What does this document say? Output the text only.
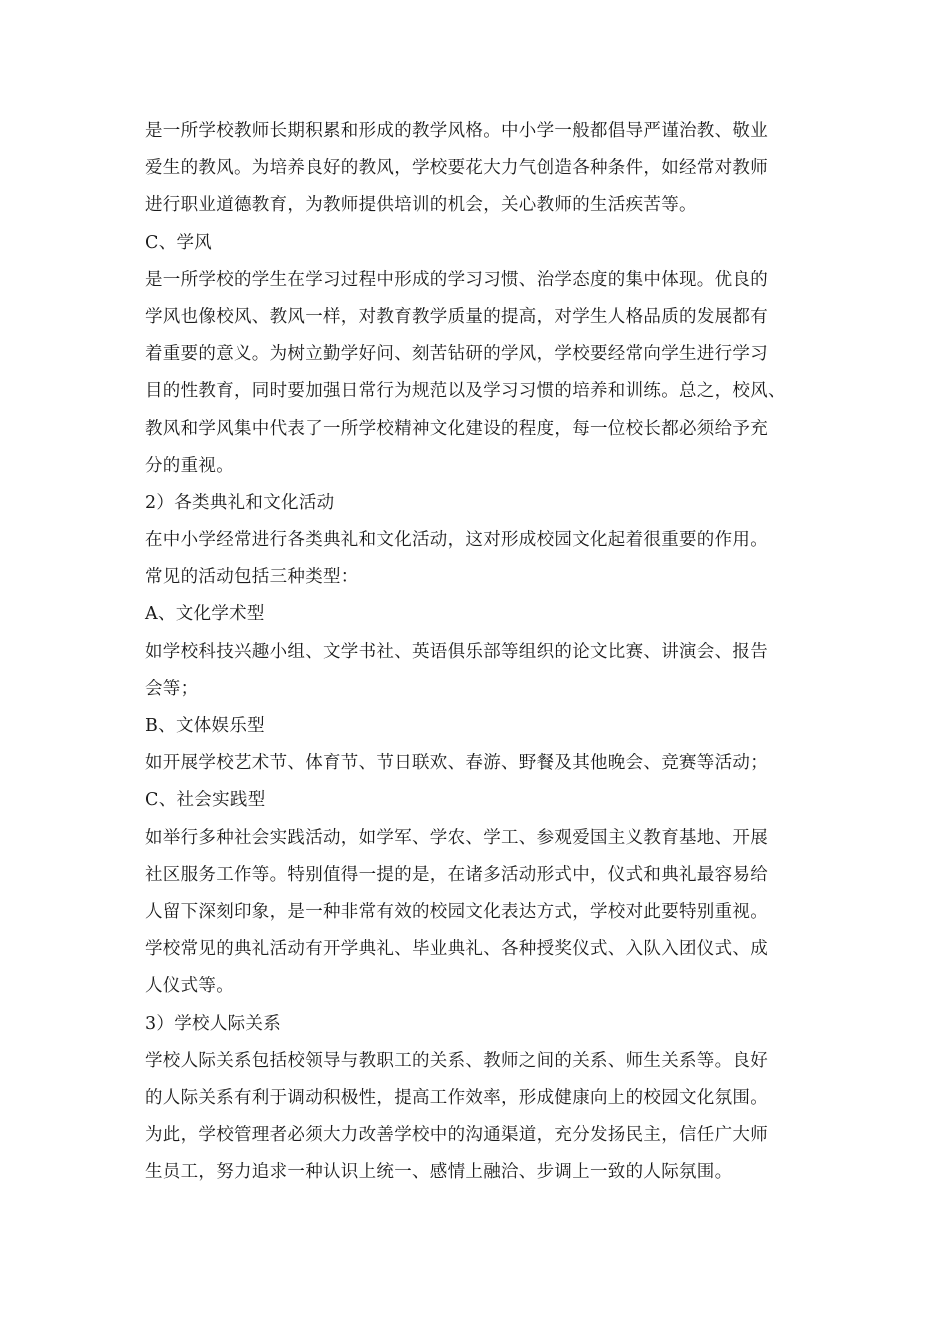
是一所学校教师长期积累和形成的教学风格。中小学一般都倡导严谨治教、敬业
爱生的教风。为培养良好的教风，学校要花大力气创造各种条件，如经常对教师
进行职业道德教育，为教师提供培训的机会，关心教师的生活疾苦等。
C、学风
是一所学校的学生在学习过程中形成的学习习惯、治学态度的集中体现。优良的
学风也像校风、教风一样，对教育教学质量的提高，对学生人格品质的发展都有
着重要的意义。为树立勤学好问、刻苦钻研的学风，学校要经常向学生进行学习
目的性教育，同时要加强日常行为规范以及学习习惯的培养和训练。总之，校风、
教风和学风集中代表了一所学校精神文化建设的程度，每一位校长都必须给予充
分的重视。
2）各类典礼和文化活动
在中小学经常进行各类典礼和文化活动，这对形成校园文化起着很重要的作用。
常见的活动包括三种类型：
A、文化学术型
如学校科技兴趣小组、文学书社、英语俱乐部等组织的论文比赛、讲演会、报告
会等；
B、文体娱乐型
如开展学校艺术节、体育节、节日联欢、春游、野餐及其他晚会、竞赛等活动；
C、社会实践型
如举行多种社会实践活动，如学军、学农、学工、参观爱国主义教育基地、开展
社区服务工作等。特别值得一提的是，在诸多活动形式中，仪式和典礼最容易给
人留下深刻印象，是一种非常有效的校园文化表达方式，学校对此要特别重视。
学校常见的典礼活动有开学典礼、毕业典礼、各种授奖仪式、入队入团仪式、成
人仪式等。
3）学校人际关系
学校人际关系包括校领导与教职工的关系、教师之间的关系、师生关系等。良好
的人际关系有利于调动积极性，提高工作效率，形成健康向上的校园文化氛围。
为此，学校管理者必须大力改善学校中的沟通渠道，充分发扬民主，信任广大师
生员工，努力追求一种认识上统一、感情上融洽、步调上一致的人际氛围。
